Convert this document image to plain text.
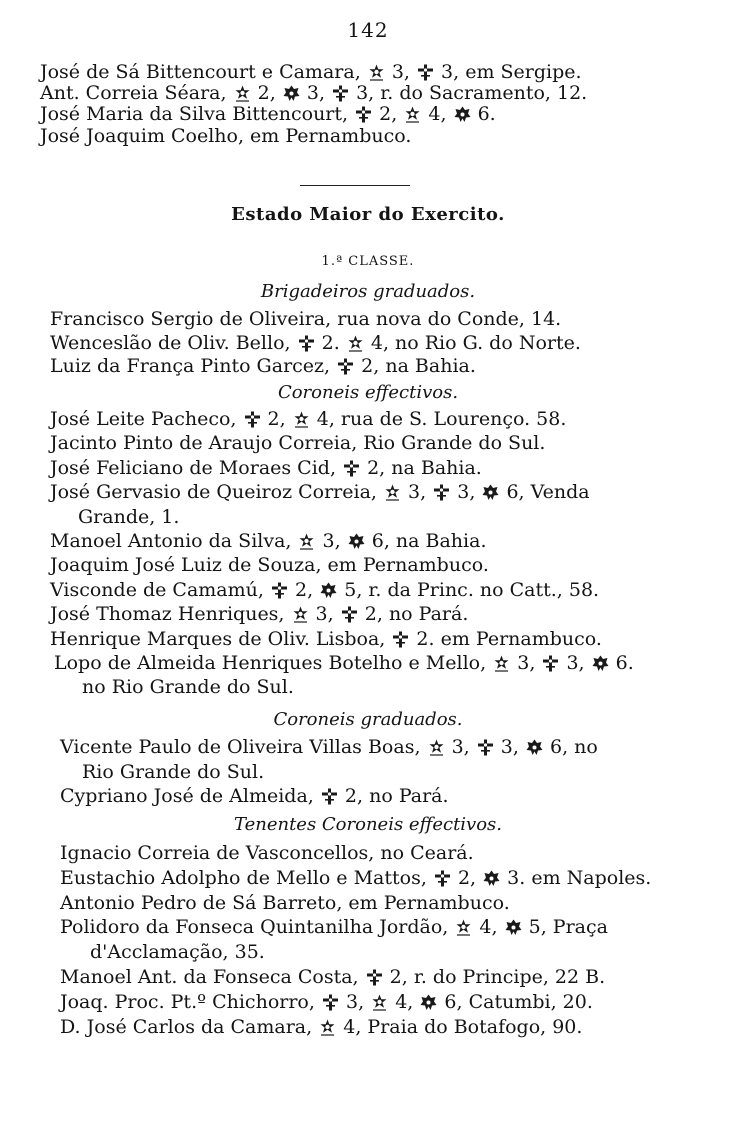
142
José de Sá Bittencourt e Camara,  3,  3, em Sergipe.
Ant. Correia Séara,  2,  3,  3, r. do Sacramento, 12.
José Maria da Silva Bittencourt,  2,  4,  6.
José Joaquim Coelho, em Pernambuco.
Estado Maior do Exercito.
1.ª CLASSE.
Brigadeiros graduados.
Francisco Sergio de Oliveira, rua nova do Conde, 14.
Wenceslão de Oliv. Bello,  2.  4, no Rio G. do Norte.
Luiz da França Pinto Garcez,  2, na Bahia.
Coroneis effectivos.
José Leite Pacheco,  2,  4, rua de S. Lourenço. 58.
Jacinto Pinto de Araujo Correia, Rio Grande do Sul.
José Feliciano de Moraes Cid,  2, na Bahia.
José Gervasio de Queiroz Correia,  3,  3,  6, Venda
Grande, 1.
Manoel Antonio da Silva,  3,  6, na Bahia.
Joaquim José Luiz de Souza, em Pernambuco.
Visconde de Camamú,  2,  5, r. da Princ. no Catt., 58.
José Thomaz Henriques,  3,  2, no Pará.
Henrique Marques de Oliv. Lisboa,  2. em Pernambuco.
Lopo de Almeida Henriques Botelho e Mello,  3,  3,  6.
no Rio Grande do Sul.
Coroneis graduados.
Vicente Paulo de Oliveira Villas Boas,  3,  3,  6, no
Rio Grande do Sul.
Cypriano José de Almeida,  2, no Pará.
Tenentes Coroneis effectivos.
Ignacio Correia de Vasconcellos, no Ceará.
Eustachio Adolpho de Mello e Mattos,  2,  3. em Napoles.
Antonio Pedro de Sá Barreto, em Pernambuco.
Polidoro da Fonseca Quintanilha Jordão,  4,  5, Praça
d'Acclamação, 35.
Manoel Ant. da Fonseca Costa,  2, r. do Principe, 22 B.
Joaq. Proc. Pt.º Chichorro,  3,  4,  6, Catumbi, 20.
D. José Carlos da Camara,  4, Praia do Botafogo, 90.
